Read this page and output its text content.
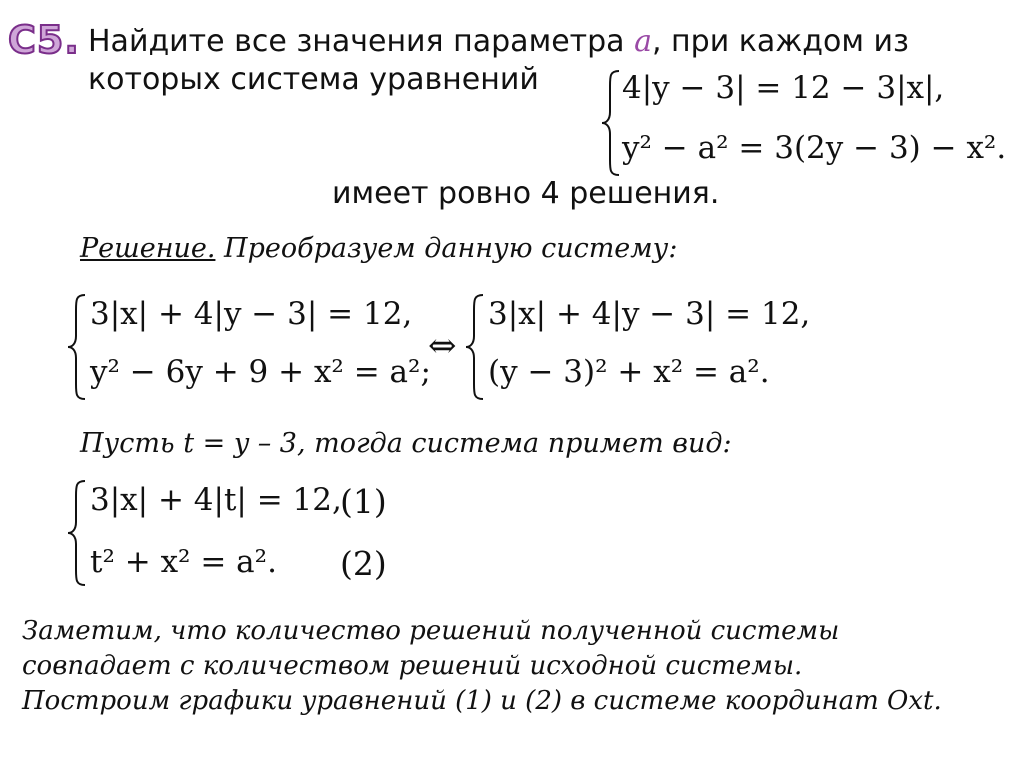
С5. Найдите все значения параметра a, при каждом из
которых система уравнений	4|y − 3| = 12 − 3|x|,
y² − a² = 3(2y − 3) − x².
имеет ровно 4 решения.
Решение. Преобразуем данную систему:
3|x| + 4|y − 3| = 12,
y² − 6y + 9 + x² = a²;
⇔
3|x| + 4|y − 3| = 12,
(y − 3)² + x² = a².
Пусть t = y – 3, тогда система примет вид:
3|x| + 4|t| = 12,
(1)
t² + x² = a². (2)
Заметим, что количество решений полученной системы
совпадает с количеством решений исходной системы.
Построим графики уравнений (1) и (2) в системе координат Oxt.
